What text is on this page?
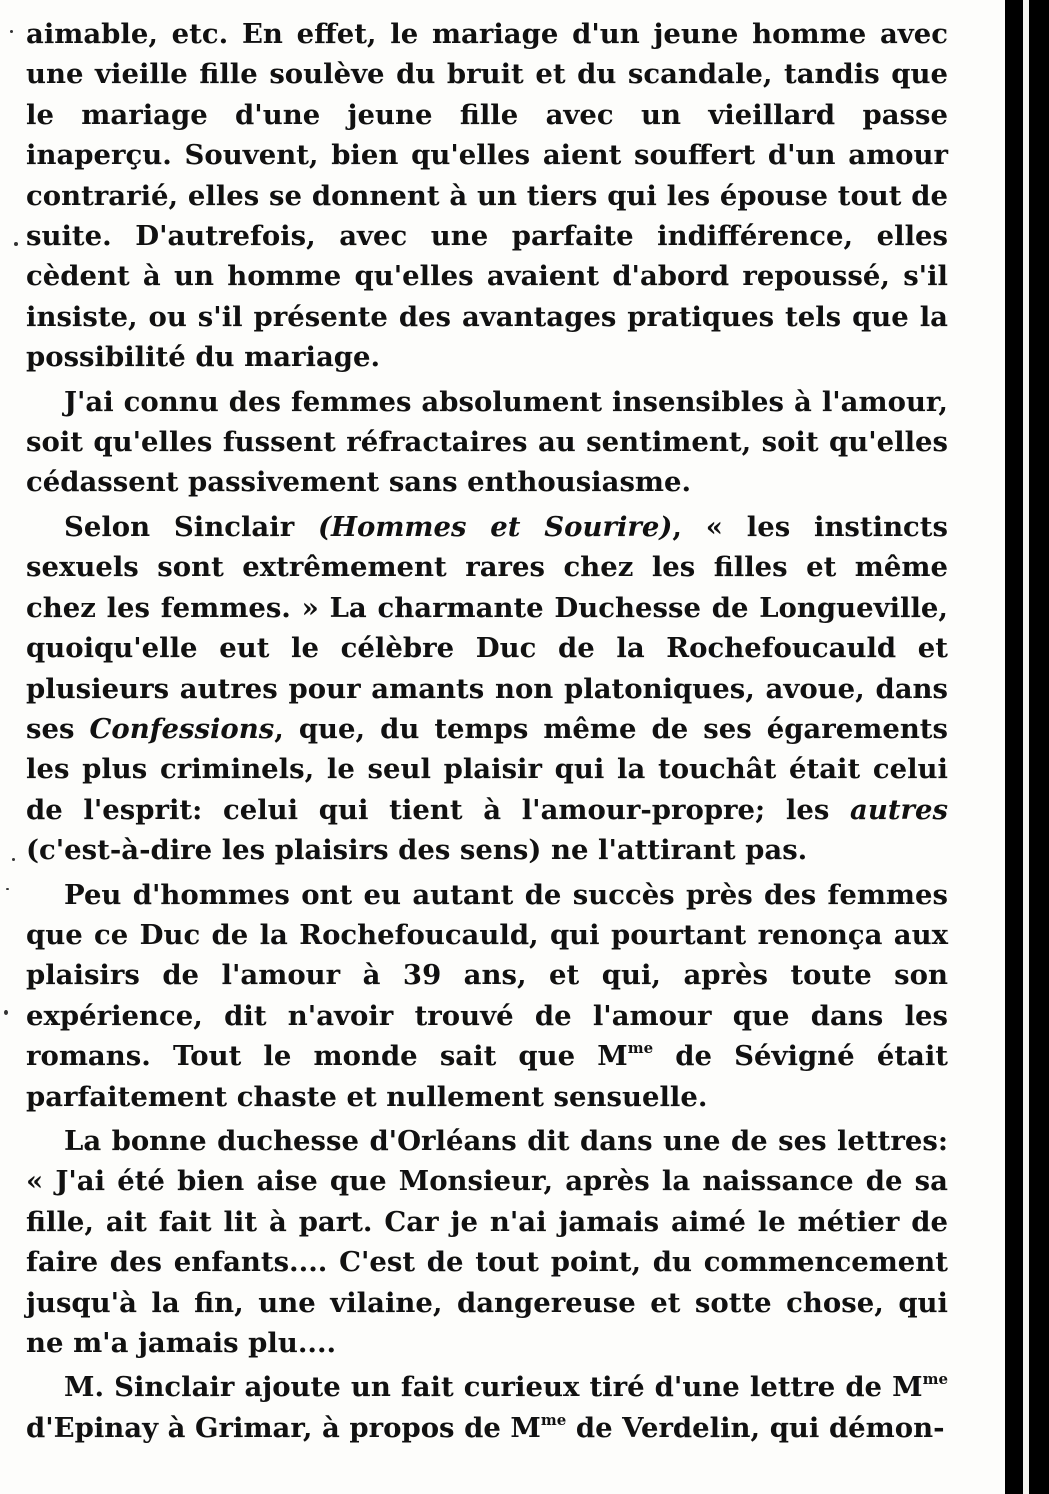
aimable, etc. En effet, le mariage d'un jeune homme avec une vieille fille soulève du bruit et du scandale, tandis que le mariage d'une jeune fille avec un vieillard passe inaperçu. Souvent, bien qu'elles aient souffert d'un amour contrarié, elles se donnent à un tiers qui les épouse tout de suite. D'autrefois, avec une parfaite indifférence, elles cèdent à un homme qu'elles avaient d'abord repoussé, s'il insiste, ou s'il présente des avantages pratiques tels que la possibilité du mariage.

J'ai connu des femmes absolument insensibles à l'amour, soit qu'elles fussent réfractaires au sentiment, soit qu'elles cédassent passivement sans enthousiasme.

Selon Sinclair (Hommes et Sourire), « les instincts sexuels sont extrêmement rares chez les filles et même chez les femmes. » La charmante Duchesse de Longueville, quoiqu'elle eut le célèbre Duc de la Rochefoucauld et plusieurs autres pour amants non platoniques, avoue, dans ses Confessions, que, du temps même de ses égarements les plus criminels, le seul plaisir qui la touchât était celui de l'esprit: celui qui tient à l'amour-propre; les autres (c'est-à-dire les plaisirs des sens) ne l'attirant pas.

Peu d'hommes ont eu autant de succès près des femmes que ce Duc de la Rochefoucauld, qui pourtant renonça aux plaisirs de l'amour à 39 ans, et qui, après toute son expérience, dit n'avoir trouvé de l'amour que dans les romans. Tout le monde sait que $M^{me}$ de Sévigné était parfaitement chaste et nullement sensuelle.

La bonne duchesse d'Orléans dit dans une de ses lettres: « J'ai été bien aise que Monsieur, après la naissance de sa fille, ait fait lit à part. Car je n'ai jamais aimé le métier de faire des enfants.... C'est de tout point, du commencement jusqu'à la fin, une vilaine, dangereuse et sotte chose, qui ne m'a jamais plu....

M. Sinclair ajoute un fait curieux tiré d'une lettre de $M^{me}$ d'Epinay à Grimar, à propos de $M^{me}$ de Verdelin, qui démon-
